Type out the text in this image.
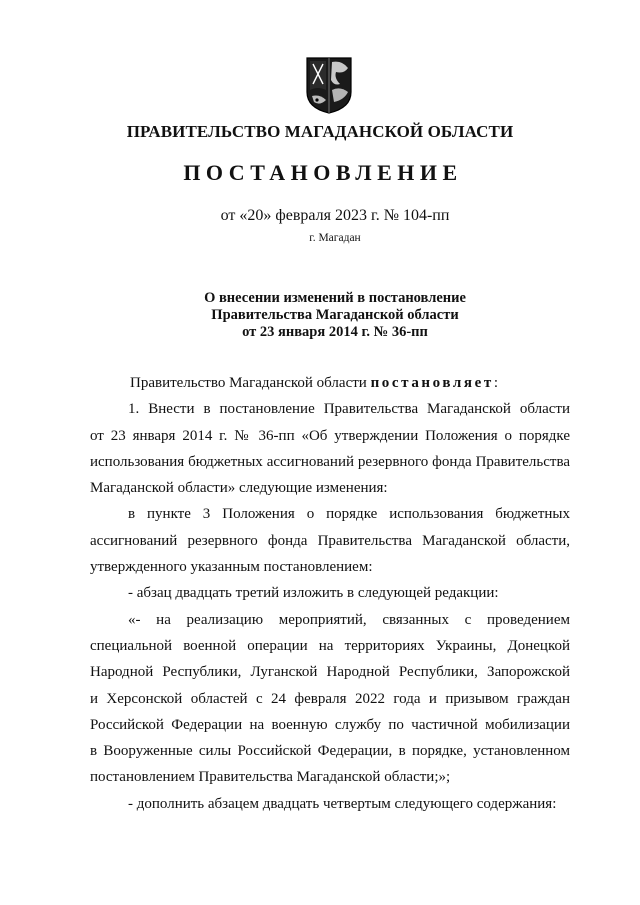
ПРАВИТЕЛЬСТВО МАГАДАНСКОЙ ОБЛАСТИ
ПОСТАНОВЛЕНИЕ
от «20» февраля 2023 г. № 104-пп
г. Магадан
О внесении изменений в постановление
Правительства Магаданской области
от 23 января 2014 г. № 36-пп
Правительство Магаданской области постановляет:
1. Внести в постановление Правительства Магаданской области
от 23 января 2014 г. № 36-пп «Об утверждении Положения о порядке
использования бюджетных ассигнований резервного фонда Правительства
Магаданской области» следующие изменения:
в пункте 3 Положения о порядке использования бюджетных
ассигнований резервного фонда Правительства Магаданской области,
утвержденного указанным постановлением:
- абзац двадцать третий изложить в следующей редакции:
«- на реализацию мероприятий, связанных с проведением
специальной военной операции на территориях Украины, Донецкой
Народной Республики, Луганской Народной Республики, Запорожской
и Херсонской областей с 24 февраля 2022 года и призывом граждан
Российской Федерации на военную службу по частичной мобилизации
в Вооруженные силы Российской Федерации, в порядке, установленном
постановлением Правительства Магаданской области;»;
- дополнить абзацем двадцать четвертым следующего содержания:
